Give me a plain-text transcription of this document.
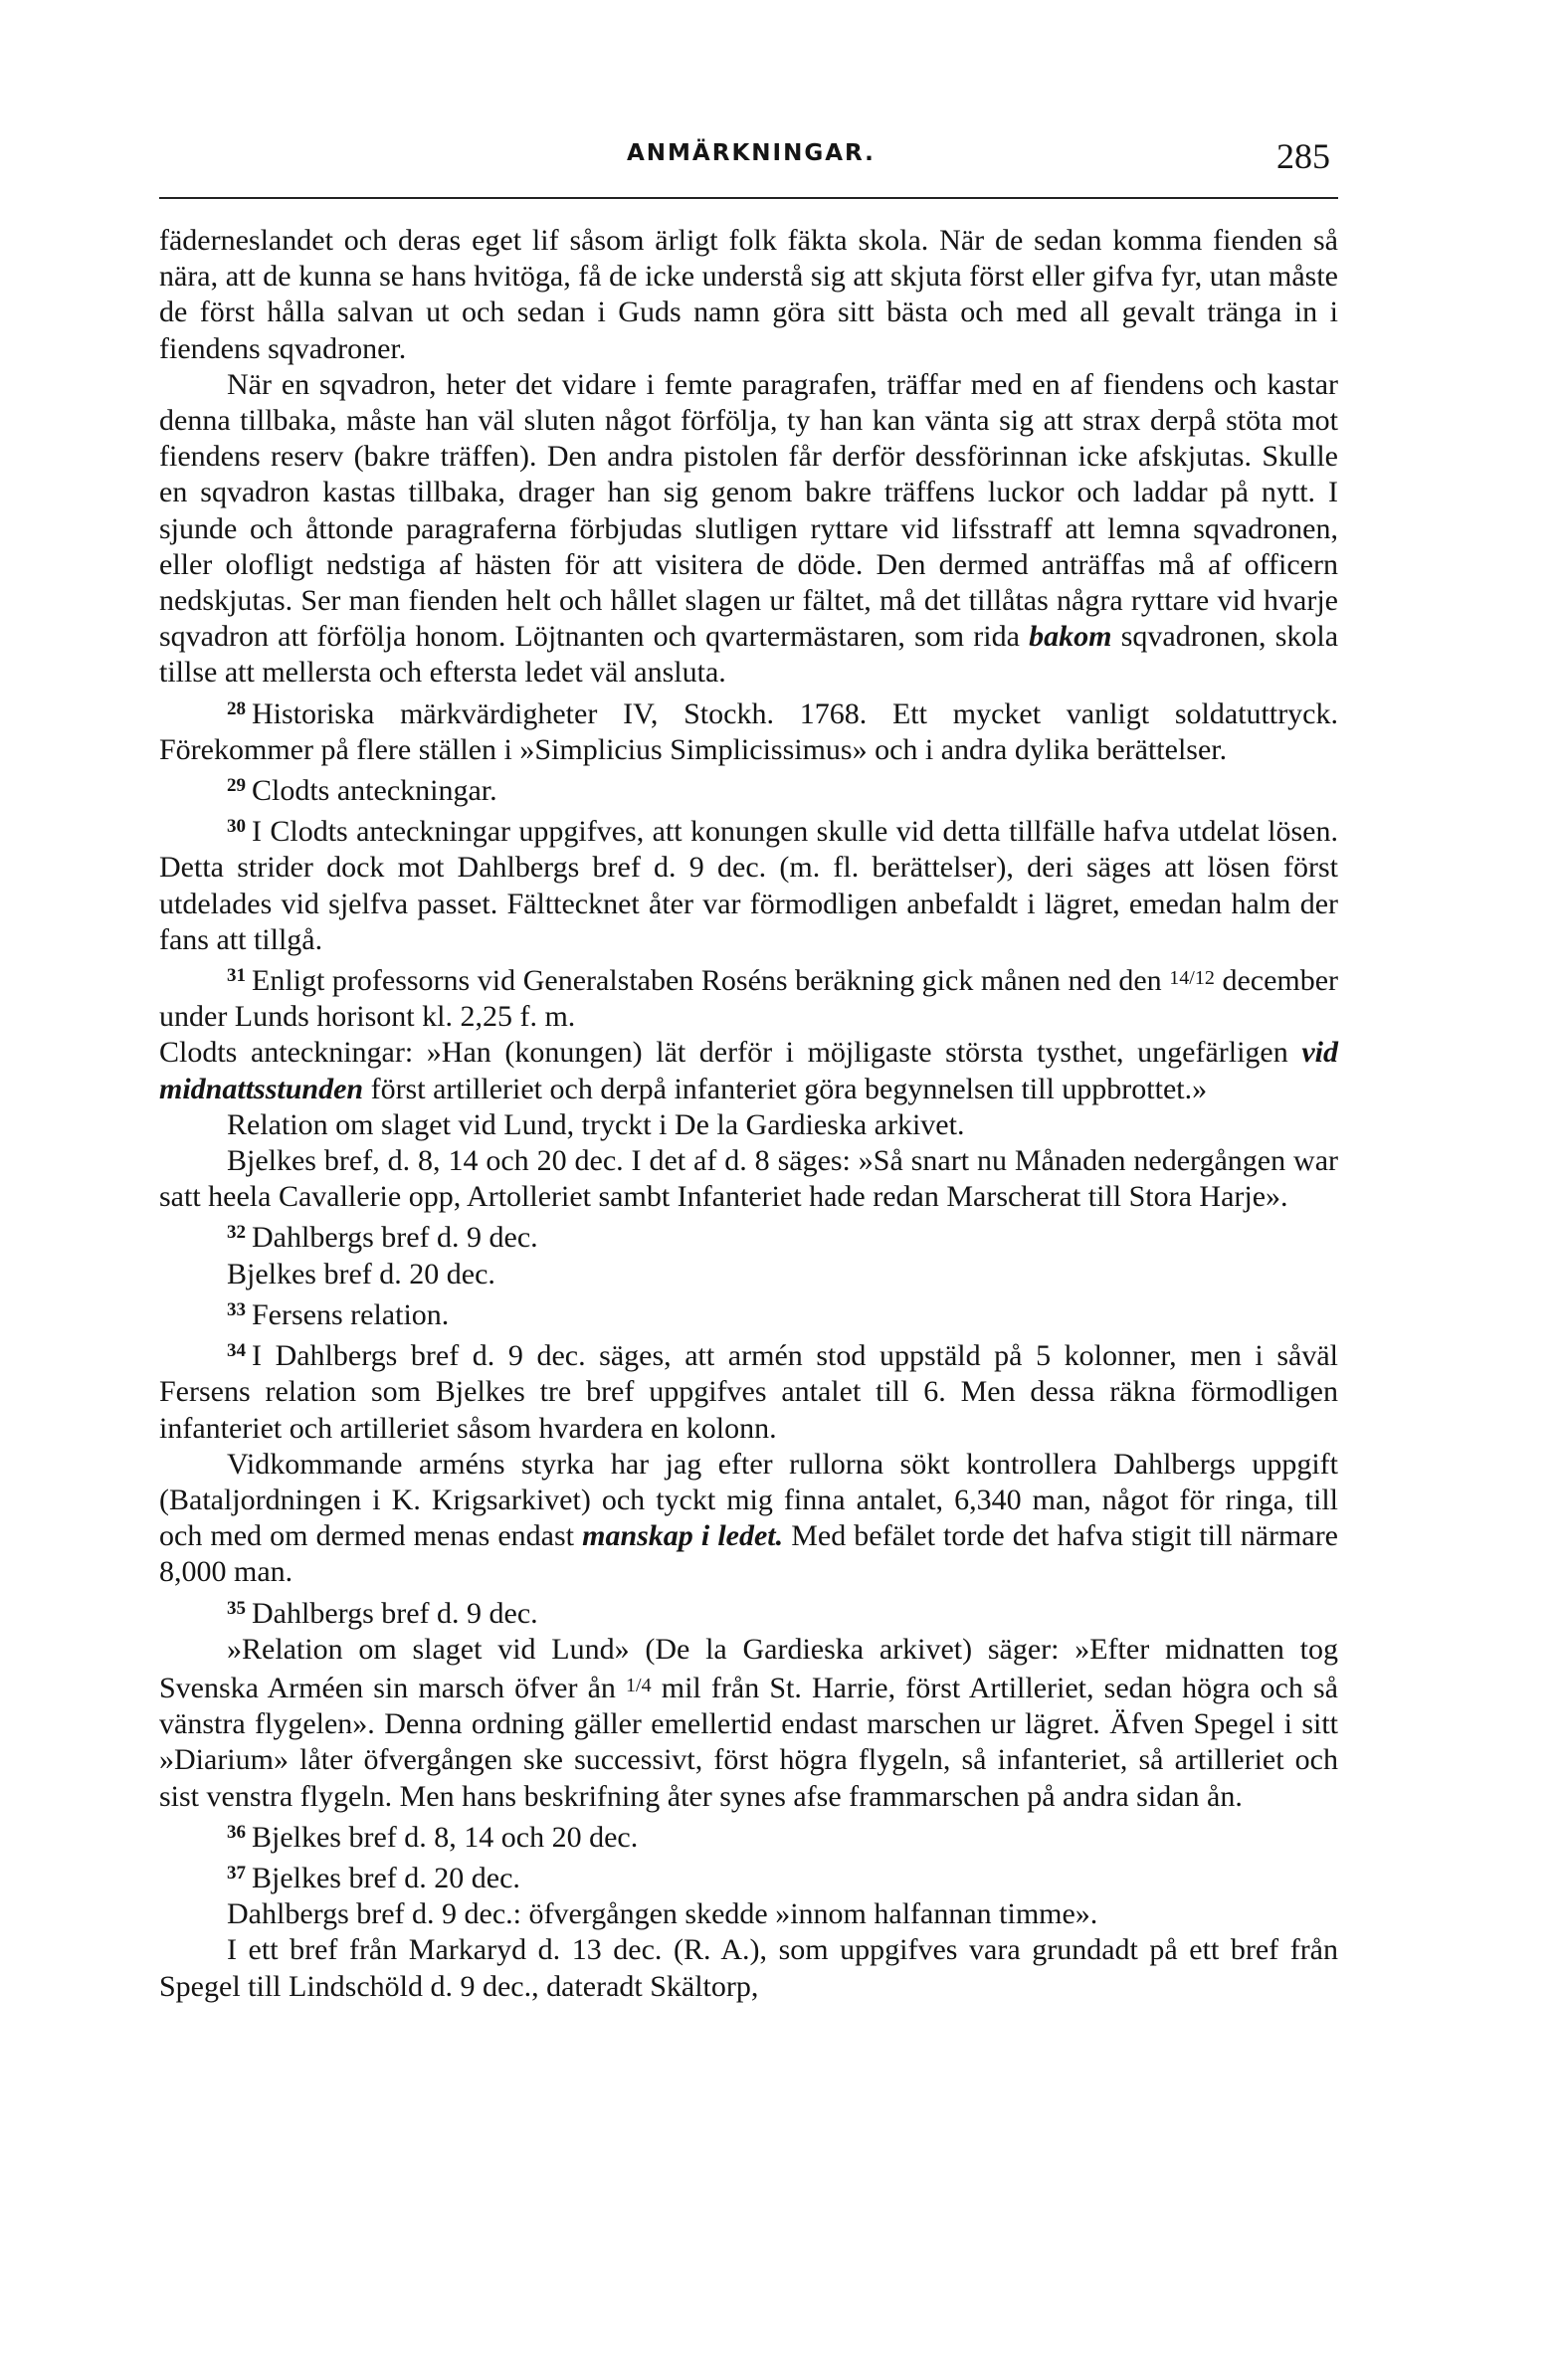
ANMÄRKNINGAR.	285

fäderneslandet och deras eget lif såsom ärligt folk fäkta skola. När de sedan komma fienden så nära, att de kunna se hans hvitöga, få de icke understå sig att skjuta först eller gifva fyr, utan måste de först hålla salvan ut och sedan i Guds namn göra sitt bästa och med all gevalt tränga in i fiendens sqvadroner.

När en sqvadron, heter det vidare i femte paragrafen, träffar med en af fiendens och kastar denna tillbaka, måste han väl sluten något förfölja, ty han kan vänta sig att strax derpå stöta mot fiendens reserv (bakre träffen). Den andra pistolen får derför dessförinnan icke afskjutas. Skulle en sqvadron kastas tillbaka, drager han sig genom bakre träffens luckor och laddar på nytt. I sjunde och åttonde paragraferna förbjudas slutligen ryttare vid lifsstraff att lemna sqvadronen, eller olofligt nedstiga af hästen för att visitera de döde. Den dermed anträffas må af officern nedskjutas. Ser man fienden helt och hållet slagen ur fältet, må det tillåtas några ryttare vid hvarje sqvadron att förfölja honom. Löjtnanten och qvartermästaren, som rida bakom sqvadronen, skola tillse att mellersta och eftersta ledet väl ansluta.

$^{28}$ Historiska märkvärdigheter IV, Stockh. 1768. Ett mycket vanligt soldatuttryck. Förekommer på flere ställen i »Simplicius Simplicissimus» och i andra dylika berättelser.

$^{29}$ Clodts anteckningar.

$^{30}$ I Clodts anteckningar uppgifves, att konungen skulle vid detta tillfälle hafva utdelat lösen. Detta strider dock mot Dahlbergs bref d. 9 dec. (m. fl. berättelser), deri säges att lösen först utdelades vid sjelfva passet. Fälttecknet åter var förmodligen anbefaldt i lägret, emedan halm der fans att tillgå.

$^{31}$ Enligt professorns vid Generalstaben Roséns beräkning gick månen ned den $^{14/12}$ december under Lunds horisont kl. 2,25 f. m.

Clodts anteckningar: »Han (konungen) lät derför i möjligaste största tysthet, ungefärligen vid midnattsstunden först artilleriet och derpå infanteriet göra begynnelsen till uppbrottet.»

Relation om slaget vid Lund, tryckt i De la Gardieska arkivet.

Bjelkes bref, d. 8, 14 och 20 dec. I det af d. 8 säges: »Så snart nu Månaden nedergången war satt heela Cavallerie opp, Artolleriet sambt Infanteriet hade redan Marscherat till Stora Harje».

$^{32}$ Dahlbergs bref d. 9 dec.

Bjelkes bref d. 20 dec.

$^{33}$ Fersens relation.

$^{34}$ I Dahlbergs bref d. 9 dec. säges, att armén stod uppstäld på 5 kolonner, men i såväl Fersens relation som Bjelkes tre bref uppgifves antalet till 6. Men dessa räkna förmodligen infanteriet och artilleriet såsom hvardera en kolonn.

Vidkommande arméns styrka har jag efter rullorna sökt kontrollera Dahlbergs uppgift (Bataljordningen i K. Krigsarkivet) och tyckt mig finna antalet, 6,340 man, något för ringa, till och med om dermed menas endast manskap i ledet. Med befälet torde det hafva stigit till närmare 8,000 man.

$^{35}$ Dahlbergs bref d. 9 dec.

»Relation om slaget vid Lund» (De la Gardieska arkivet) säger: »Efter midnatten tog Svenska Arméen sin marsch öfver ån $^{1/4}$ mil från St. Harrie, först Artilleriet, sedan högra och så vänstra flygelen». Denna ordning gäller emellertid endast marschen ur lägret. Äfven Spegel i sitt »Diarium» låter öfvergången ske successivt, först högra flygeln, så infanteriet, så artilleriet och sist venstra flygeln. Men hans beskrifning åter synes afse frammarschen på andra sidan ån.

$^{36}$ Bjelkes bref d. 8, 14 och 20 dec.

$^{37}$ Bjelkes bref d. 20 dec.

Dahlbergs bref d. 9 dec.: öfvergången skedde »innom halfannan timme».

I ett bref från Markaryd d. 13 dec. (R. A.), som uppgifves vara grundadt på ett bref från Spegel till Lindschöld d. 9 dec., dateradt Skältorp,
